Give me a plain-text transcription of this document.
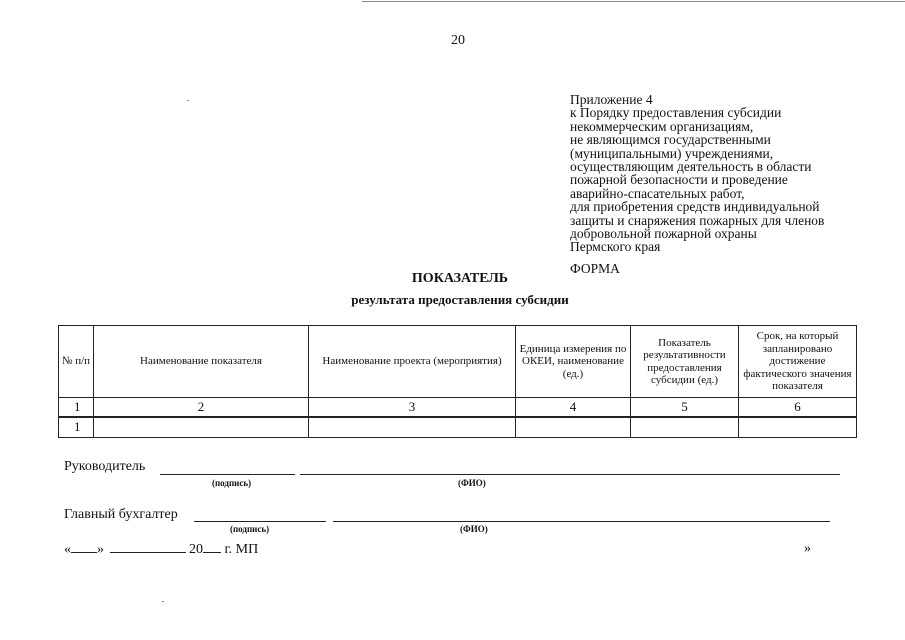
20
Приложение 4
к Порядку предоставления субсидии
некоммерческим организациям,
не являющимся государственными
(муниципальными) учреждениями,
осуществляющим деятельность в области
пожарной безопасности и проведение
аварийно-спасательных работ,
для приобретения средств индивидуальной
защиты и снаряжения пожарных для членов
добровольной пожарной охраны
Пермского края
ФОРМА
ПОКАЗАТЕЛЬ
результата предоставления субсидии
№ п/п	Наименование показателя	Наименование проекта (мероприятия)	Единица измерения по ОКЕИ, наименование (ед.)	Показатель результативности предоставления субсидии (ед.)	Срок, на который запланировано достижение фактического значения показателя
1	2	3	4	5	6
1					
Руководитель
(подпись)	(ФИО)
Главный бухгалтер
(подпись)	(ФИО)
« »	20 г. МП	»
